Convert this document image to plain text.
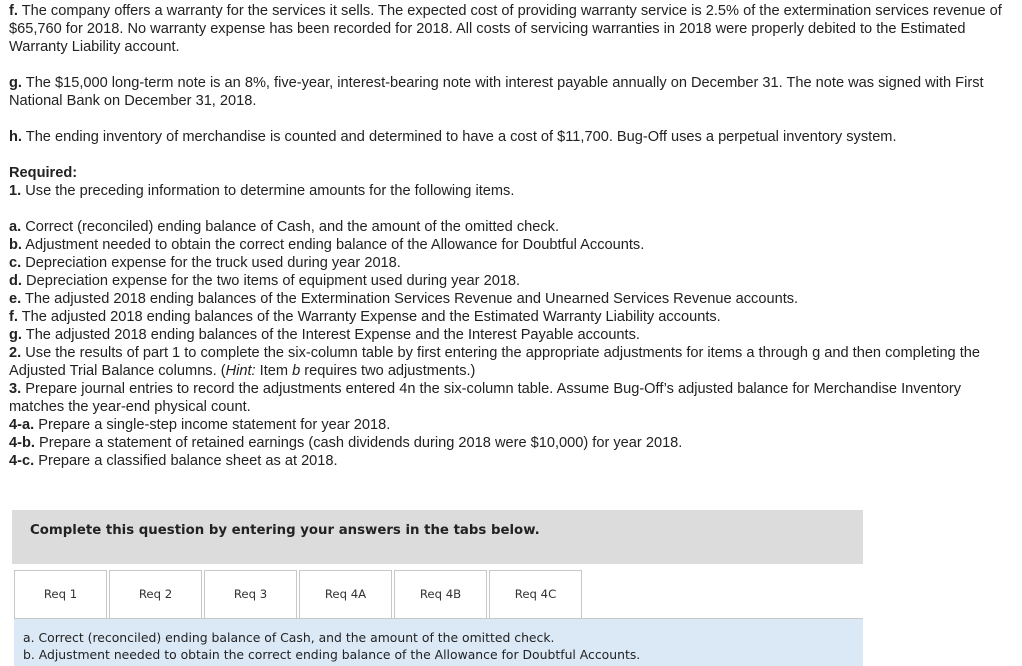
f. The company offers a warranty for the services it sells. The expected cost of providing warranty service is 2.5% of the extermination services revenue of $65,760 for 2018. No warranty expense has been recorded for 2018. All costs of servicing warranties in 2018 were properly debited to the Estimated Warranty Liability account.

g. The $15,000 long-term note is an 8%, five-year, interest-bearing note with interest payable annually on December 31. The note was signed with First National Bank on December 31, 2018.

h. The ending inventory of merchandise is counted and determined to have a cost of $11,700. Bug-Off uses a perpetual inventory system.

Required:

1. Use the preceding information to determine amounts for the following items.

a. Correct (reconciled) ending balance of Cash, and the amount of the omitted check.

b. Adjustment needed to obtain the correct ending balance of the Allowance for Doubtful Accounts.

c. Depreciation expense for the truck used during year 2018.

d. Depreciation expense for the two items of equipment used during year 2018.

e. The adjusted 2018 ending balances of the Extermination Services Revenue and Unearned Services Revenue accounts.

f. The adjusted 2018 ending balances of the Warranty Expense and the Estimated Warranty Liability accounts.

g. The adjusted 2018 ending balances of the Interest Expense and the Interest Payable accounts.

2. Use the results of part 1 to complete the six-column table by first entering the appropriate adjustments for items a through g and then completing the Adjusted Trial Balance columns. (Hint: Item b requires two adjustments.)

3. Prepare journal entries to record the adjustments entered 4n the six-column table. Assume Bug-Off’s adjusted balance for Merchandise Inventory matches the year-end physical count.

4-a. Prepare a single-step income statement for year 2018.

4-b. Prepare a statement of retained earnings (cash dividends during 2018 were $10,000) for year 2018.

4-c. Prepare a classified balance sheet as at 2018.

Complete this question by entering your answers in the tabs below.
Req 1	Req 2	Req 3	Req 4A	Req 4B	Req 4C
a. Correct (reconciled) ending balance of Cash, and the amount of the omitted check.
b. Adjustment needed to obtain the correct ending balance of the Allowance for Doubtful Accounts.
